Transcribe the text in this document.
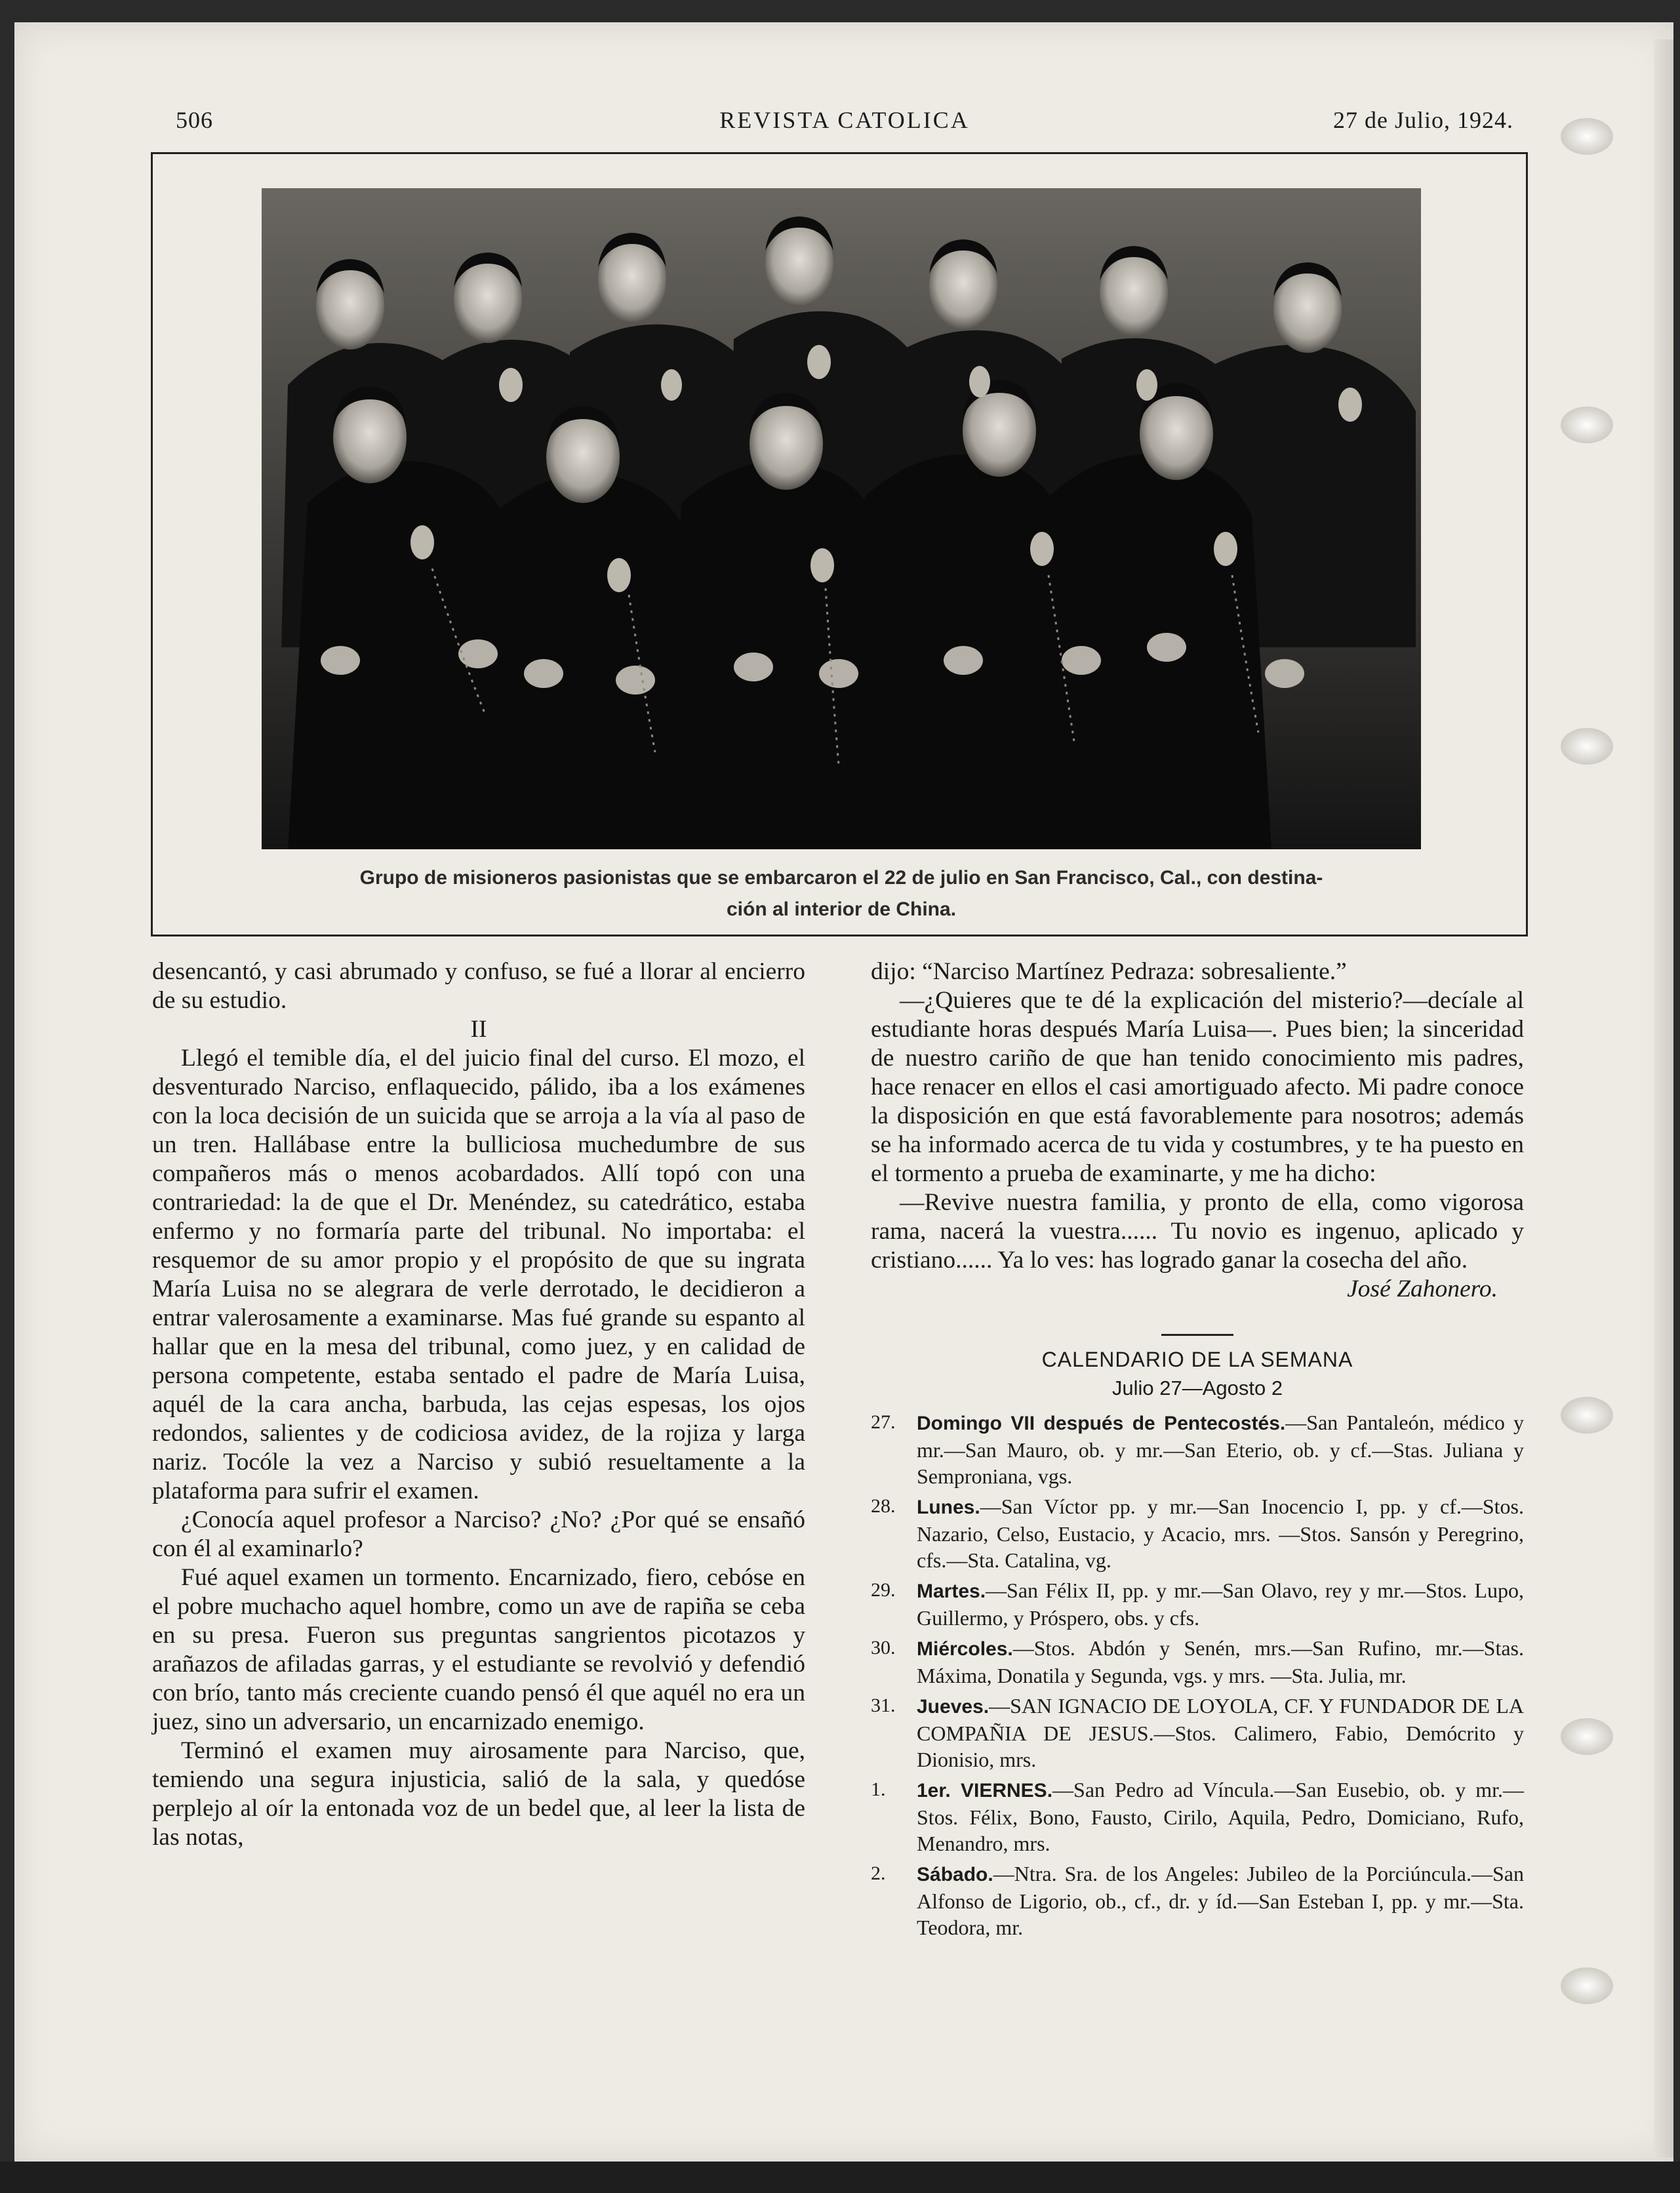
506	REVISTA CATOLICA	27 de Julio, 1924.
Grupo de misioneros pasionistas que se embarcaron el 22 de julio en San Francisco, Cal., con destina-
ción al interior de China.

desencantó, y casi abrumado y confuso, se fué a llorar al encierro de su estudio.

II

Llegó el temible día, el del juicio final del curso. El mozo, el desventurado Narciso, enflaquecido, pálido, iba a los exámenes con la loca decisión de un suicida que se arroja a la vía al paso de un tren. Hallábase entre la bulliciosa muchedumbre de sus compañeros más o menos acobardados. Allí topó con una contrariedad: la de que el Dr. Menéndez, su catedrático, estaba enfermo y no formaría parte del tribunal. No importaba: el resquemor de su amor propio y el propósito de que su ingrata María Luisa no se alegrara de verle derrotado, le decidieron a entrar valerosamente a examinarse. Mas fué grande su espanto al hallar que en la mesa del tribunal, como juez, y en calidad de persona competente, estaba sentado el padre de María Luisa, aquél de la cara ancha, barbuda, las cejas espesas, los ojos redondos, salientes y de codiciosa avidez, de la rojiza y larga nariz. Tocóle la vez a Narciso y subió resueltamente a la plataforma para sufrir el examen.

¿Conocía aquel profesor a Narciso? ¿No? ¿Por qué se ensañó con él al examinarlo?

Fué aquel examen un tormento. Encarnizado, fiero, cebóse en el pobre muchacho aquel hombre, como un ave de rapiña se ceba en su presa. Fueron sus preguntas sangrientos picotazos y arañazos de afiladas garras, y el estudiante se revolvió y defendió con brío, tanto más creciente cuando pensó él que aquél no era un juez, sino un adversario, un encarnizado enemigo.

Terminó el examen muy airosamente para Narciso, que, temiendo una segura injusticia, salió de la sala, y quedóse perplejo al oír la entonada voz de un bedel que, al leer la lista de las notas,

dijo: “Narciso Martínez Pedraza: sobresaliente.”

—¿Quieres que te dé la explicación del misterio?—decíale al estudiante horas después María Luisa—. Pues bien; la sinceridad de nuestro cariño de que han tenido conocimiento mis padres, hace renacer en ellos el casi amortiguado afecto. Mi padre conoce la disposición en que está favorablemente para nosotros; además se ha informado acerca de tu vida y costumbres, y te ha puesto en el tormento a prueba de examinarte, y me ha dicho:

—Revive nuestra familia, y pronto de ella, como vigorosa rama, nacerá la vuestra...... Tu novio es ingenuo, aplicado y cristiano...... Ya lo ves: has logrado ganar la cosecha del año.

José Zahonero.

CALENDARIO DE LA SEMANA
Julio 27—Agosto 2
27.	Domingo VII después de Pentecostés.—San Pantaleón, médico y mr.—San Mauro, ob. y mr.—San Eterio, ob. y cf.—Stas. Juliana y Semproniana, vgs.
28.	Lunes.—San Víctor pp. y mr.—San Inocencio I, pp. y cf.—Stos. Nazario, Celso, Eustacio, y Acacio, mrs. —Stos. Sansón y Peregrino, cfs.—Sta. Catalina, vg.
29.	Martes.—San Félix II, pp. y mr.—San Olavo, rey y mr.—Stos. Lupo, Guillermo, y Próspero, obs. y cfs.
30.	Miércoles.—Stos. Abdón y Senén, mrs.—San Rufino, mr.—Stas. Máxima, Donatila y Segunda, vgs. y mrs. —Sta. Julia, mr.
31.	Jueves.—SAN IGNACIO DE LOYOLA, CF. Y FUNDADOR DE LA COMPAÑIA DE JESUS.—Stos. Calimero, Fabio, Demócrito y Dionisio, mrs.
1.	1er. VIERNES.—San Pedro ad Víncula.—San Eusebio, ob. y mr.—Stos. Félix, Bono, Fausto, Cirilo, Aquila, Pedro, Domiciano, Rufo, Menandro, mrs.
2.	Sábado.—Ntra. Sra. de los Angeles: Jubileo de la Porciúncula.—San Alfonso de Ligorio, ob., cf., dr. y íd.—San Esteban I, pp. y mr.—Sta. Teodora, mr.
